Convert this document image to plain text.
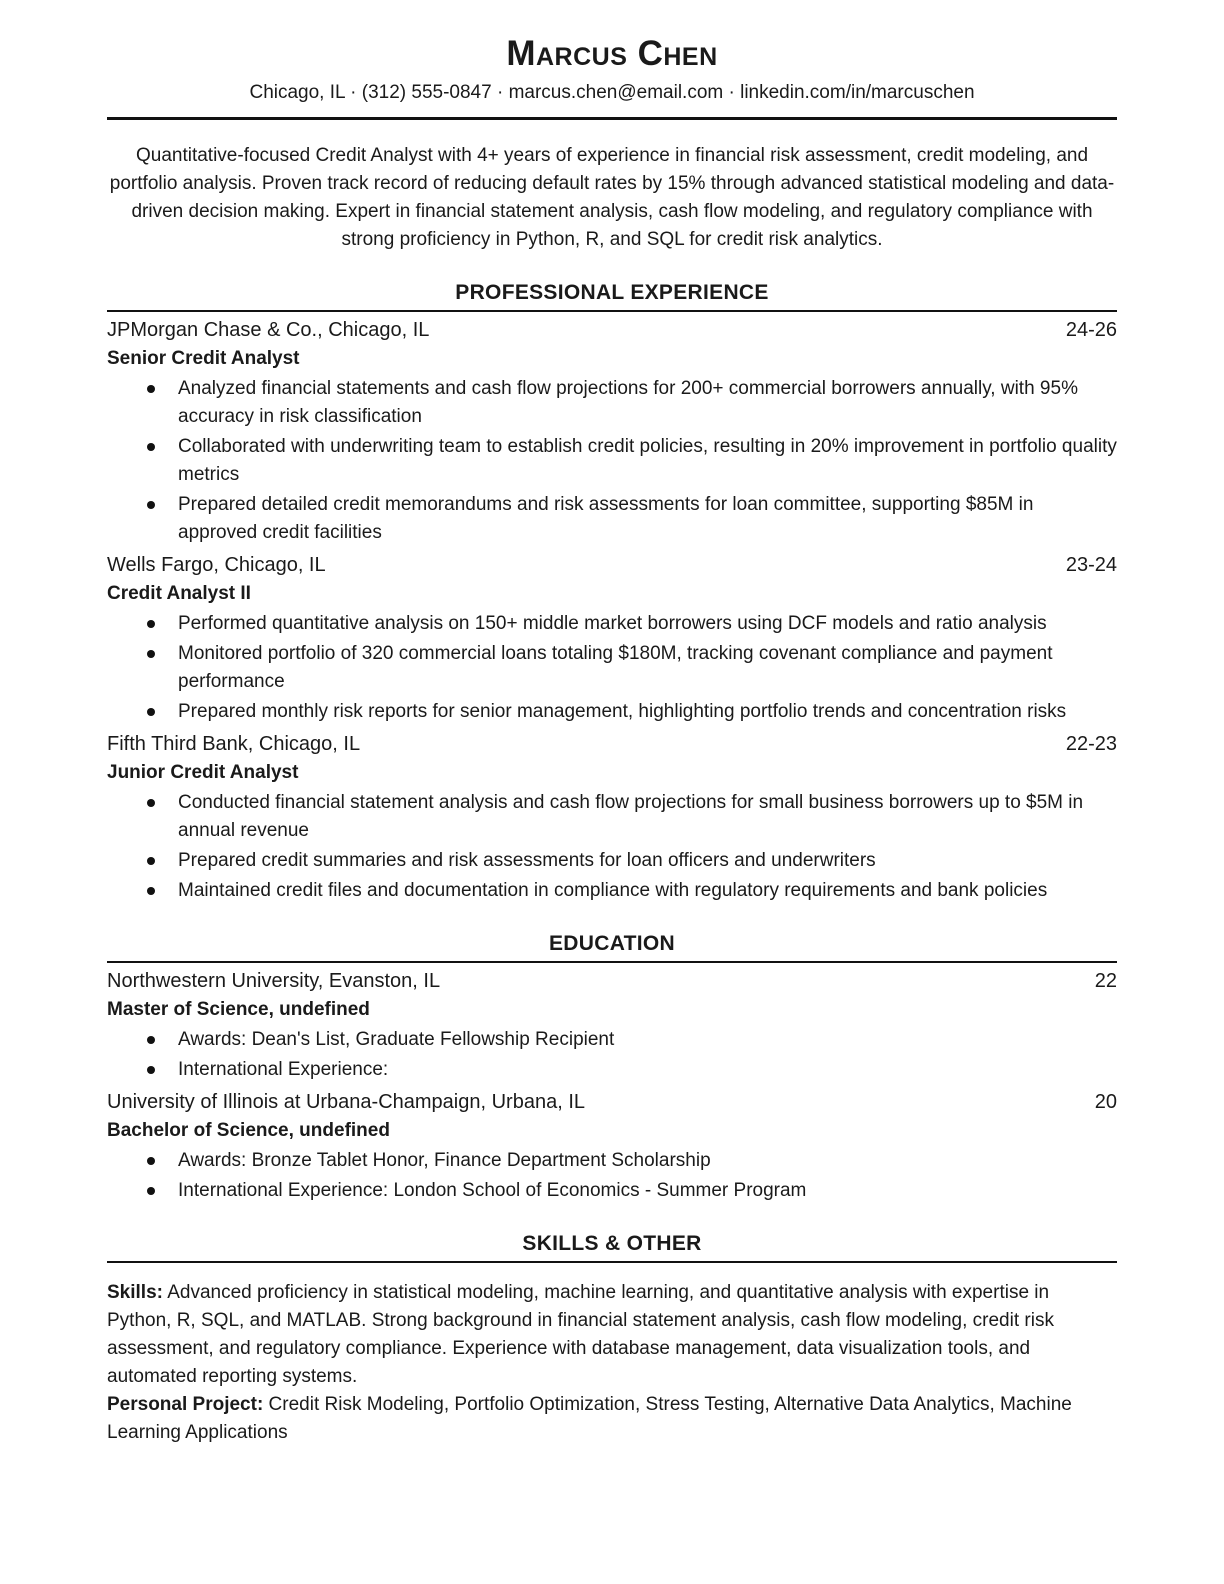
Marcus Chen
Chicago, IL · (312) 555-0847 · marcus.chen@email.com · linkedin.com/in/marcuschen
Quantitative-focused Credit Analyst with 4+ years of experience in financial risk assessment, credit modeling, and portfolio analysis. Proven track record of reducing default rates by 15% through advanced statistical modeling and data-driven decision making. Expert in financial statement analysis, cash flow modeling, and regulatory compliance with strong proficiency in Python, R, and SQL for credit risk analytics.
PROFESSIONAL EXPERIENCE
JPMorgan Chase & Co., Chicago, IL	24-26
Senior Credit Analyst
Analyzed financial statements and cash flow projections for 200+ commercial borrowers annually, with 95% accuracy in risk classification
Collaborated with underwriting team to establish credit policies, resulting in 20% improvement in portfolio quality metrics
Prepared detailed credit memorandums and risk assessments for loan committee, supporting $85M in approved credit facilities
Wells Fargo, Chicago, IL	23-24
Credit Analyst II
Performed quantitative analysis on 150+ middle market borrowers using DCF models and ratio analysis
Monitored portfolio of 320 commercial loans totaling $180M, tracking covenant compliance and payment performance
Prepared monthly risk reports for senior management, highlighting portfolio trends and concentration risks
Fifth Third Bank, Chicago, IL	22-23
Junior Credit Analyst
Conducted financial statement analysis and cash flow projections for small business borrowers up to $5M in annual revenue
Prepared credit summaries and risk assessments for loan officers and underwriters
Maintained credit files and documentation in compliance with regulatory requirements and bank policies
EDUCATION
Northwestern University, Evanston, IL	22
Master of Science, undefined
Awards: Dean's List, Graduate Fellowship Recipient
International Experience:
University of Illinois at Urbana-Champaign, Urbana, IL	20
Bachelor of Science, undefined
Awards: Bronze Tablet Honor, Finance Department Scholarship
International Experience: London School of Economics - Summer Program
SKILLS & OTHER
Skills: Advanced proficiency in statistical modeling, machine learning, and quantitative analysis with expertise in Python, R, SQL, and MATLAB. Strong background in financial statement analysis, cash flow modeling, credit risk assessment, and regulatory compliance. Experience with database management, data visualization tools, and automated reporting systems.
Personal Project: Credit Risk Modeling, Portfolio Optimization, Stress Testing, Alternative Data Analytics, Machine Learning Applications
